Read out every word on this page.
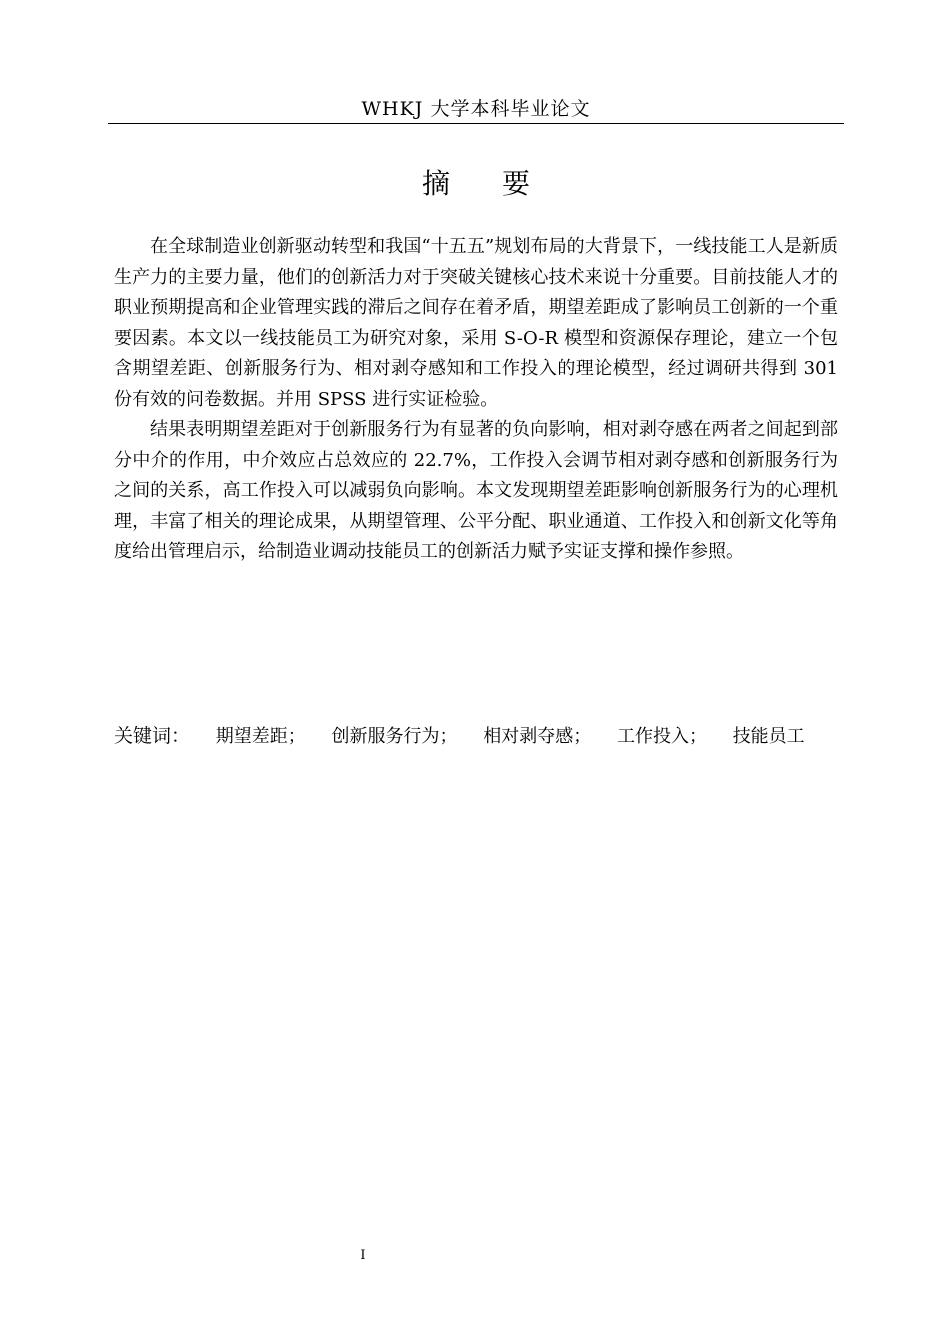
WHKJ 大学本科毕业论文
摘要

在全球制造业创新驱动转型和我国“十五五”规划布局的大背景下，一线技能工人是新质生产力的主要力量，他们的创新活力对于突破关键核心技术来说十分重要。目前技能人才的职业预期提高和企业管理实践的滞后之间存在着矛盾，期望差距成了影响员工创新的一个重要因素。本文以一线技能员工为研究对象，采用 S-O-R 模型和资源保存理论，建立一个包含期望差距、创新服务行为、相对剥夺感知和工作投入的理论模型，经过调研共得到 301 份有效的问卷数据。并用 SPSS 进行实证检验。

结果表明期望差距对于创新服务行为有显著的负向影响，相对剥夺感在两者之间起到部分中介的作用，中介效应占总效应的 22.7%，工作投入会调节相对剥夺感和创新服务行为之间的关系，高工作投入可以减弱负向影响。本文发现期望差距影响创新服务行为的心理机理，丰富了相关的理论成果，从期望管理、公平分配、职业通道、工作投入和创新文化等角度给出管理启示，给制造业调动技能员工的创新活力赋予实证支撑和操作参照。

关键词： 期望差距； 创新服务行为； 相对剥夺感； 工作投入； 技能员工
I
